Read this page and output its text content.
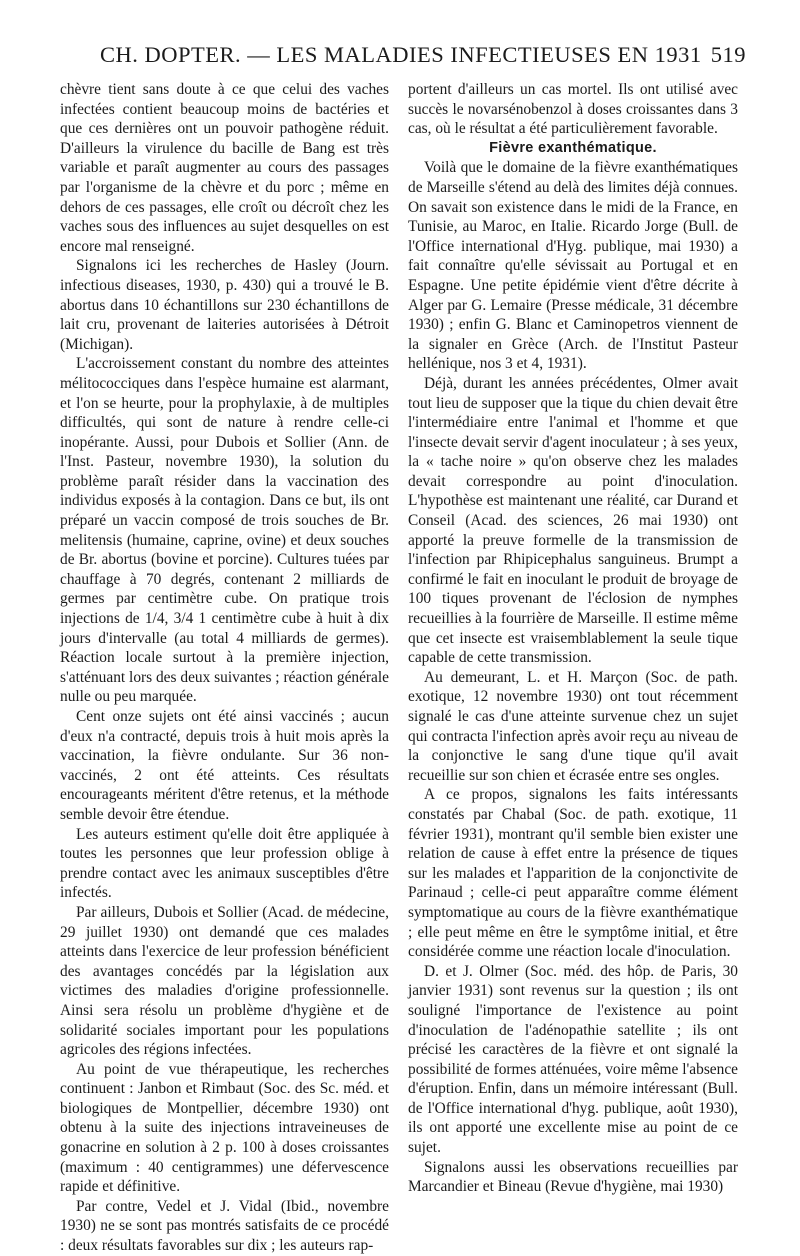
CH. DOPTER. — LES MALADIES INFECTIEUSES EN 1931 519

chèvre tient sans doute à ce que celui des vaches infectées contient beaucoup moins de bactéries et que ces dernières ont un pouvoir pathogène réduit. D'ailleurs la virulence du bacille de Bang est très variable et paraît augmenter au cours des passages par l'organisme de la chèvre et du porc ; même en dehors de ces passages, elle croît ou décroît chez les vaches sous des influences au sujet desquelles on est encore mal renseigné.

Signalons ici les recherches de Hasley (Journ. infectious diseases, 1930, p. 430) qui a trouvé le B. abortus dans 10 échantillons sur 230 échantillons de lait cru, provenant de laiteries autorisées à Détroit (Michigan).

L'accroissement constant du nombre des atteintes mélitococciques dans l'espèce humaine est alarmant, et l'on se heurte, pour la prophylaxie, à de multiples difficultés, qui sont de nature à rendre celle-ci inopérante. Aussi, pour Dubois et Sollier (Ann. de l'Inst. Pasteur, novembre 1930), la solution du problème paraît résider dans la vaccination des individus exposés à la contagion. Dans ce but, ils ont préparé un vaccin composé de trois souches de Br. melitensis (humaine, caprine, ovine) et deux souches de Br. abortus (bovine et porcine). Cultures tuées par chauffage à 70 degrés, contenant 2 milliards de germes par centimètre cube. On pratique trois injections de 1/4, 3/4 1 centimètre cube à huit à dix jours d'intervalle (au total 4 milliards de germes). Réaction locale surtout à la première injection, s'atténuant lors des deux suivantes ; réaction générale nulle ou peu marquée.

Cent onze sujets ont été ainsi vaccinés ; aucun d'eux n'a contracté, depuis trois à huit mois après la vaccination, la fièvre ondulante. Sur 36 non-vaccinés, 2 ont été atteints. Ces résultats encourageants méritent d'être retenus, et la méthode semble devoir être étendue.

Les auteurs estiment qu'elle doit être appliquée à toutes les personnes que leur profession oblige à prendre contact avec les animaux susceptibles d'être infectés.

Par ailleurs, Dubois et Sollier (Acad. de médecine, 29 juillet 1930) ont demandé que ces malades atteints dans l'exercice de leur profession bénéficient des avantages concédés par la législation aux victimes des maladies d'origine professionnelle. Ainsi sera résolu un problème d'hygiène et de solidarité sociales important pour les populations agricoles des régions infectées.

Au point de vue thérapeutique, les recherches continuent : Janbon et Rimbaut (Soc. des Sc. méd. et biologiques de Montpellier, décembre 1930) ont obtenu à la suite des injections intraveineuses de gonacrine en solution à 2 p. 100 à doses croissantes (maximum : 40 centigrammes) une défervescence rapide et définitive.

Par contre, Vedel et J. Vidal (Ibid., novembre 1930) ne se sont pas montrés satisfaits de ce procédé : deux résultats favorables sur dix ; les auteurs rap-

portent d'ailleurs un cas mortel. Ils ont utilisé avec succès le novarsénobenzol à doses croissantes dans 3 cas, où le résultat a été particulièrement favorable.

Fièvre exanthématique.

Voilà que le domaine de la fièvre exanthématiques de Marseille s'étend au delà des limites déjà connues. On savait son existence dans le midi de la France, en Tunisie, au Maroc, en Italie. Ricardo Jorge (Bull. de l'Office international d'Hyg. publique, mai 1930) a fait connaître qu'elle sévissait au Portugal et en Espagne. Une petite épidémie vient d'être décrite à Alger par G. Lemaire (Presse médicale, 31 décembre 1930) ; enfin G. Blanc et Caminopetros viennent de la signaler en Grèce (Arch. de l'Institut Pasteur hellénique, nos 3 et 4, 1931).

Déjà, durant les années précédentes, Olmer avait tout lieu de supposer que la tique du chien devait être l'intermédiaire entre l'animal et l'homme et que l'insecte devait servir d'agent inoculateur ; à ses yeux, la « tache noire » qu'on observe chez les malades devait correspondre au point d'inoculation. L'hypothèse est maintenant une réalité, car Durand et Conseil (Acad. des sciences, 26 mai 1930) ont apporté la preuve formelle de la transmission de l'infection par Rhipicephalus sanguineus. Brumpt a confirmé le fait en inoculant le produit de broyage de 100 tiques provenant de l'éclosion de nymphes recueillies à la fourrière de Marseille. Il estime même que cet insecte est vraisemblablement la seule tique capable de cette transmission.

Au demeurant, L. et H. Marçon (Soc. de path. exotique, 12 novembre 1930) ont tout récemment signalé le cas d'une atteinte survenue chez un sujet qui contracta l'infection après avoir reçu au niveau de la conjonctive le sang d'une tique qu'il avait recueillie sur son chien et écrasée entre ses ongles.

A ce propos, signalons les faits intéressants constatés par Chabal (Soc. de path. exotique, 11 février 1931), montrant qu'il semble bien exister une relation de cause à effet entre la présence de tiques sur les malades et l'apparition de la conjonctivite de Parinaud ; celle-ci peut apparaître comme élément symptomatique au cours de la fièvre exanthématique ; elle peut même en être le symptôme initial, et être considérée comme une réaction locale d'inoculation.

D. et J. Olmer (Soc. méd. des hôp. de Paris, 30 janvier 1931) sont revenus sur la question ; ils ont souligné l'importance de l'existence au point d'inoculation de l'adénopathie satellite ; ils ont précisé les caractères de la fièvre et ont signalé la possibilité de formes atténuées, voire même l'absence d'éruption. Enfin, dans un mémoire intéressant (Bull. de l'Office international d'hyg. publique, août 1930), ils ont apporté une excellente mise au point de ce sujet.

Signalons aussi les observations recueillies par Marcandier et Bineau (Revue d'hygiène, mai 1930)
